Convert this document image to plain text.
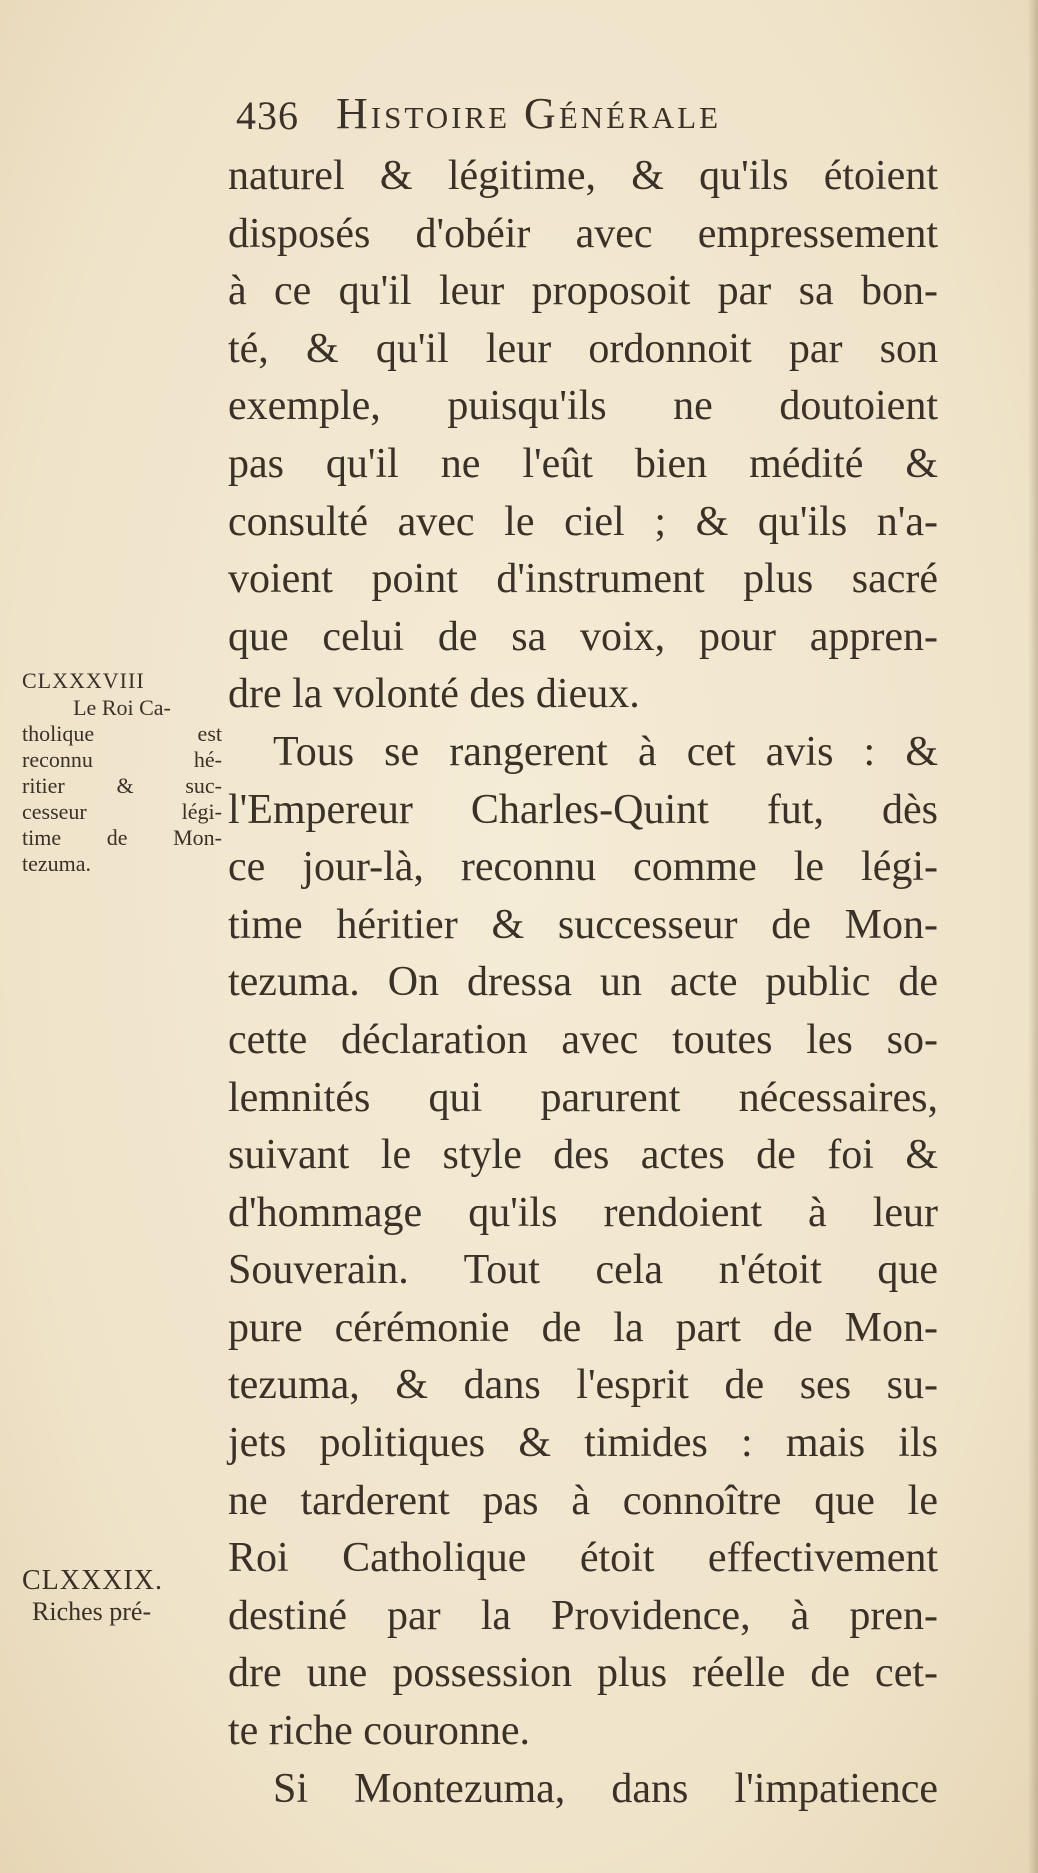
436 Histoire Générale
CLXXXVIII
Le Roi Ca-
tholique est
reconnu hé-
ritier & suc-
cesseur légi-
time de Mon-
tezuma.
CLXXXIX.
Riches pré-
naturel & légitime, & qu'ils étoient
disposés d'obéir avec empressement
à ce qu'il leur proposoit par sa bon-
té, & qu'il leur ordonnoit par son
exemple, puisqu'ils ne doutoient
pas qu'il ne l'eût bien médité &
consulté avec le ciel ; & qu'ils n'a-
voient point d'instrument plus sacré
que celui de sa voix, pour appren-
dre la volonté des dieux.
Tous se rangerent à cet avis : &
l'Empereur Charles-Quint fut, dès
ce jour-là, reconnu comme le légi-
time héritier & successeur de Mon-
tezuma. On dressa un acte public de
cette déclaration avec toutes les so-
lemnités qui parurent nécessaires,
suivant le style des actes de foi &
d'hommage qu'ils rendoient à leur
Souverain. Tout cela n'étoit que
pure cérémonie de la part de Mon-
tezuma, & dans l'esprit de ses su-
jets politiques & timides : mais ils
ne tarderent pas à connoître que le
Roi Catholique étoit effectivement
destiné par la Providence, à pren-
dre une possession plus réelle de cet-
te riche couronne.
Si Montezuma, dans l'impatience
